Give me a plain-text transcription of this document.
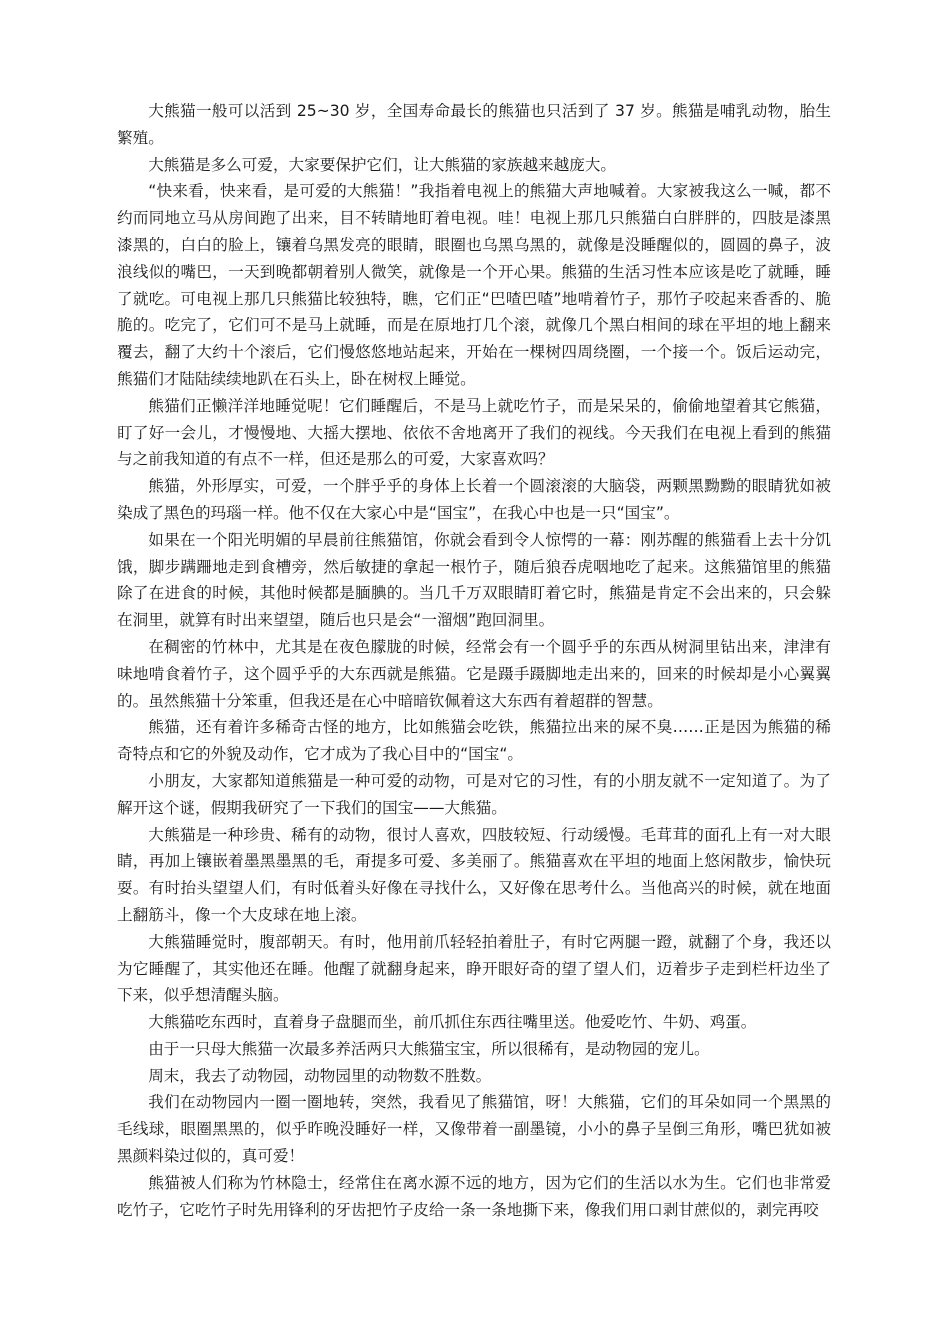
大熊猫一般可以活到 25~30 岁，全国寿命最长的熊猫也只活到了 37 岁。熊猫是哺乳动物，胎生繁殖。

大熊猫是多么可爱，大家要保护它们，让大熊猫的家族越来越庞大。

“快来看，快来看，是可爱的大熊猫！”我指着电视上的熊猫大声地喊着。大家被我这么一喊，都不约而同地立马从房间跑了出来，目不转睛地盯着电视。哇！电视上那几只熊猫白白胖胖的，四肢是漆黑漆黑的，白白的脸上，镶着乌黑发亮的眼睛，眼圈也乌黑乌黑的，就像是没睡醒似的，圆圆的鼻子，波浪线似的嘴巴，一天到晚都朝着别人微笑，就像是一个开心果。熊猫的生活习性本应该是吃了就睡，睡了就吃。可电视上那几只熊猫比较独特，瞧，它们正“巴喳巴喳”地啃着竹子，那竹子咬起来香香的、脆脆的。吃完了，它们可不是马上就睡，而是在原地打几个滚，就像几个黑白相间的球在平坦的地上翻来覆去，翻了大约十个滚后，它们慢悠悠地站起来，开始在一棵树四周绕圈，一个接一个。饭后运动完，熊猫们才陆陆续续地趴在石头上，卧在树杈上睡觉。

熊猫们正懒洋洋地睡觉呢！它们睡醒后，不是马上就吃竹子，而是呆呆的，偷偷地望着其它熊猫，盯了好一会儿，才慢慢地、大摇大摆地、依依不舍地离开了我们的视线。今天我们在电视上看到的熊猫与之前我知道的有点不一样，但还是那么的可爱，大家喜欢吗？

熊猫，外形厚实，可爱，一个胖乎乎的身体上长着一个圆滚滚的大脑袋，两颗黑黝黝的眼睛犹如被染成了黑色的玛瑙一样。他不仅在大家心中是“国宝”，在我心中也是一只“国宝”。

如果在一个阳光明媚的早晨前往熊猫馆，你就会看到令人惊愕的一幕：刚苏醒的熊猫看上去十分饥饿，脚步蹒跚地走到食槽旁，然后敏捷的拿起一根竹子，随后狼吞虎咽地吃了起来。这熊猫馆里的熊猫除了在进食的时候，其他时候都是腼腆的。当几千万双眼睛盯着它时，熊猫是肯定不会出来的，只会躲在洞里，就算有时出来望望，随后也只是会“一溜烟”跑回洞里。

在稠密的竹林中，尤其是在夜色朦胧的时候，经常会有一个圆乎乎的东西从树洞里钻出来，津津有味地啃食着竹子，这个圆乎乎的大东西就是熊猫。它是蹑手蹑脚地走出来的，回来的时候却是小心翼翼的。虽然熊猫十分笨重，但我还是在心中暗暗钦佩着这大东西有着超群的智慧。

熊猫，还有着许多稀奇古怪的地方，比如熊猫会吃铁，熊猫拉出来的屎不臭……正是因为熊猫的稀奇特点和它的外貌及动作，它才成为了我心目中的“国宝“。

小朋友，大家都知道熊猫是一种可爱的动物，可是对它的习性，有的小朋友就不一定知道了。为了解开这个谜，假期我研究了一下我们的国宝——大熊猫。

大熊猫是一种珍贵、稀有的动物，很讨人喜欢，四肢较短、行动缓慢。毛茸茸的面孔上有一对大眼睛，再加上镶嵌着墨黑墨黑的毛，甭提多可爱、多美丽了。熊猫喜欢在平坦的地面上悠闲散步，愉快玩耍。有时抬头望望人们，有时低着头好像在寻找什么，又好像在思考什么。当他高兴的时候，就在地面上翻筋斗，像一个大皮球在地上滚。

大熊猫睡觉时，腹部朝天。有时，他用前爪轻轻拍着肚子，有时它两腿一蹬，就翻了个身，我还以为它睡醒了，其实他还在睡。他醒了就翻身起来，睁开眼好奇的望了望人们，迈着步子走到栏杆边坐了下来，似乎想清醒头脑。

大熊猫吃东西时，直着身子盘腿而坐，前爪抓住东西往嘴里送。他爱吃竹、牛奶、鸡蛋。

由于一只母大熊猫一次最多养活两只大熊猫宝宝，所以很稀有，是动物园的宠儿。

周末，我去了动物园，动物园里的动物数不胜数。

我们在动物园内一圈一圈地转，突然，我看见了熊猫馆，呀！大熊猫，它们的耳朵如同一个黑黑的毛线球，眼圈黑黑的，似乎昨晚没睡好一样，又像带着一副墨镜，小小的鼻子呈倒三角形，嘴巴犹如被黑颜料染过似的，真可爱！

熊猫被人们称为竹林隐士，经常住在离水源不远的地方，因为它们的生活以水为生。它们也非常爱吃竹子，它吃竹子时先用锋利的牙齿把竹子皮给一条一条地撕下来，像我们用口剥甘蔗似的，剥完再咬
